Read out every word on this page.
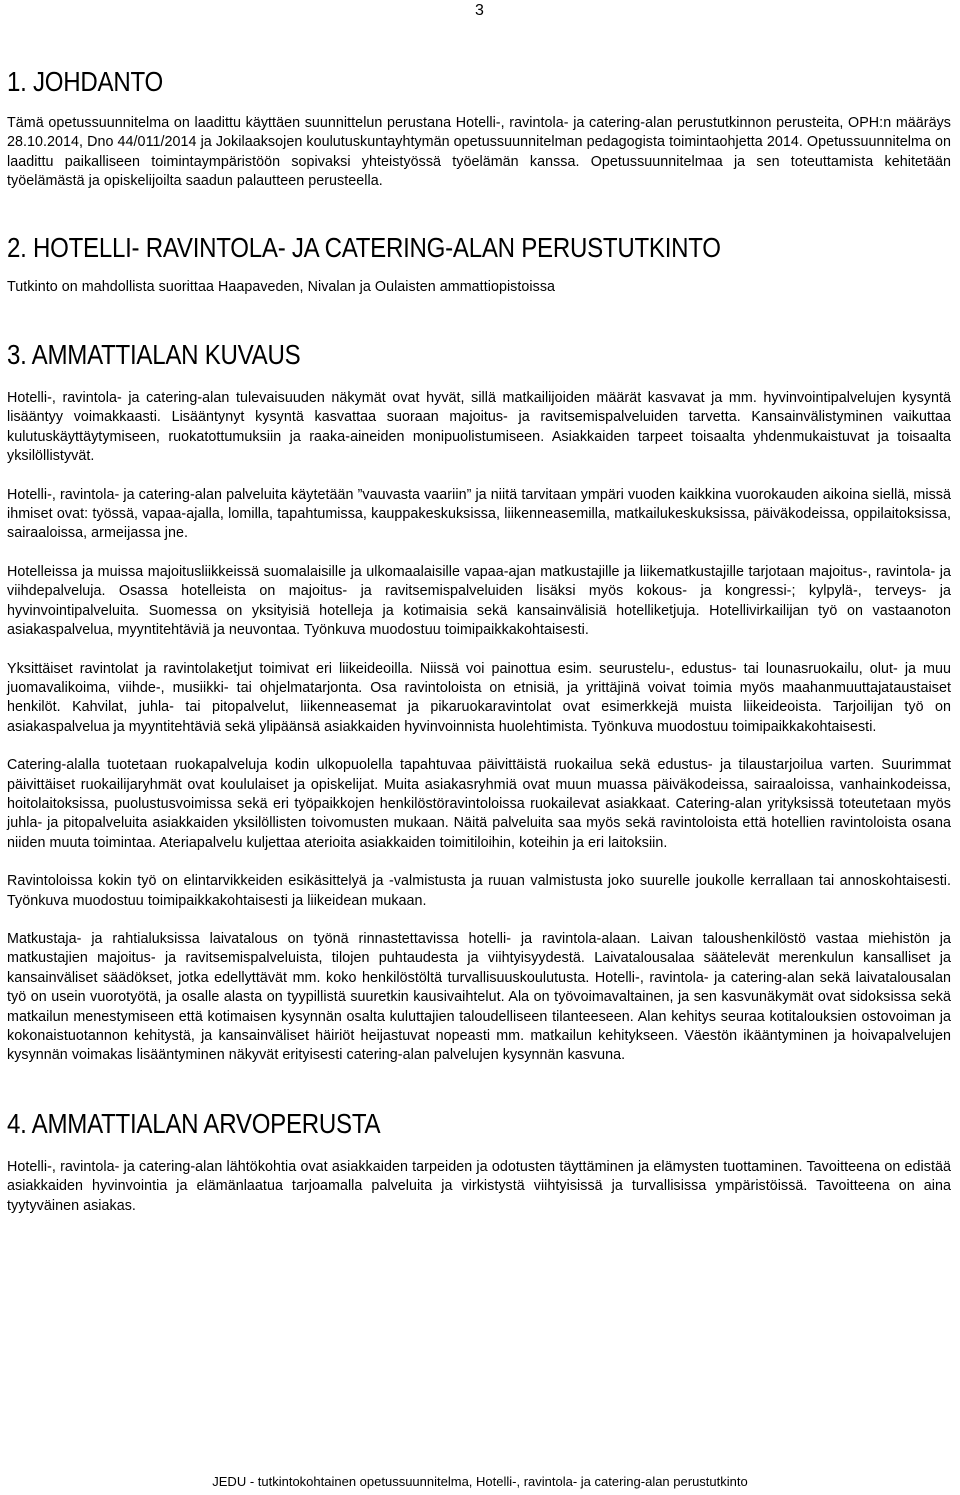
3
1. JOHDANTO

Tämä opetussuunnitelma on laadittu käyttäen suunnittelun perustana Hotelli-, ravintola- ja catering-alan perustutkinnon perusteita, OPH:n määräys 28.10.2014, Dno 44/011/2014 ja Jokilaaksojen koulutuskuntayhtymän opetussuunnitelman pedagogista toimintaohjetta 2014. Opetussuunnitelma on laadittu paikalliseen toimintaympäristöön sopivaksi yhteistyössä työelämän kanssa. Opetussuunnitelmaa ja sen toteuttamista kehitetään työelämästä ja opiskelijoilta saadun palautteen perusteella.

2. HOTELLI- RAVINTOLA- JA CATERING-ALAN PERUSTUTKINTO

Tutkinto on mahdollista suorittaa Haapaveden, Nivalan ja Oulaisten ammattiopistoissa

3. AMMATTIALAN KUVAUS

Hotelli-, ravintola- ja catering-alan tulevaisuuden näkymät ovat hyvät, sillä matkailijoiden määrät kasvavat ja mm. hyvinvointipalvelujen kysyntä lisääntyy voimakkaasti. Lisääntynyt kysyntä kasvattaa suoraan majoitus- ja ravitsemispalveluiden tarvetta. Kansainvälistyminen vaikuttaa kulutuskäyttäytymiseen, ruokatottumuksiin ja raaka-aineiden monipuolistumiseen. Asiakkaiden tarpeet toisaalta yhdenmukaistuvat ja toisaalta yksilöllistyvät.

Hotelli-, ravintola- ja catering-alan palveluita käytetään ”vauvasta vaariin” ja niitä tarvitaan ympäri vuoden kaikkina vuorokauden aikoina siellä, missä ihmiset ovat: työssä, vapaa-ajalla, lomilla, tapahtumissa, kauppakeskuksissa, liikenneasemilla, matkailukeskuksissa, päiväkodeissa, oppilaitoksissa, sairaaloissa, armeijassa jne.

Hotelleissa ja muissa majoitusliikkeissä suomalaisille ja ulkomaalaisille vapaa-ajan matkustajille ja liikematkustajille tarjotaan majoitus-, ravintola- ja viihdepalveluja. Osassa hotelleista on majoitus- ja ravitsemispalveluiden lisäksi myös kokous- ja kongressi-; kylpylä-, terveys- ja hyvinvointipalveluita. Suomessa on yksityisiä hotelleja ja kotimaisia sekä kansainvälisiä hotelliketjuja. Hotellivirkailijan työ on vastaanoton asiakaspalvelua, myyntitehtäviä ja neuvontaa. Työnkuva muodostuu toimipaikkakohtaisesti.

Yksittäiset ravintolat ja ravintolaketjut toimivat eri liikeideoilla. Niissä voi painottua esim. seurustelu-, edustus- tai lounasruokailu, olut- ja muu juomavalikoima, viihde-, musiikki- tai ohjelmatarjonta. Osa ravintoloista on etnisiä, ja yrittäjinä voivat toimia myös maahanmuuttajataustaiset henkilöt. Kahvilat, juhla- tai pitopalvelut, liikenneasemat ja pikaruokaravintolat ovat esimerkkejä muista liikeideoista. Tarjoilijan työ on asiakaspalvelua ja myyntitehtäviä sekä ylipäänsä asiakkaiden hyvinvoinnista huolehtimista. Työnkuva muodostuu toimipaikkakohtaisesti.

Catering-alalla tuotetaan ruokapalveluja kodin ulkopuolella tapahtuvaa päivittäistä ruokailua sekä edustus- ja tilaustarjoilua varten. Suurimmat päivittäiset ruokailijaryhmät ovat koululaiset ja opiskelijat. Muita asiakasryhmiä ovat muun muassa päiväkodeissa, sairaaloissa, vanhainkodeissa, hoitolaitoksissa, puolustusvoimissa sekä eri työpaikkojen henkilöstöravintoloissa ruokailevat asiakkaat. Catering-alan yrityksissä toteutetaan myös juhla- ja pitopalveluita asiakkaiden yksilöllisten toivomusten mukaan. Näitä palveluita saa myös sekä ravintoloista että hotellien ravintoloista osana niiden muuta toimintaa. Ateriapalvelu kuljettaa aterioita asiakkaiden toimitiloihin, koteihin ja eri laitoksiin.

Ravintoloissa kokin työ on elintarvikkeiden esikäsittelyä ja -valmistusta ja ruuan valmistusta joko suurelle joukolle kerrallaan tai annoskohtaisesti. Työnkuva muodostuu toimipaikkakohtaisesti ja liikeidean mukaan.

Matkustaja- ja rahtialuksissa laivatalous on työnä rinnastettavissa hotelli- ja ravintola-alaan. Laivan taloushenkilöstö vastaa miehistön ja matkustajien majoitus- ja ravitsemispalveluista, tilojen puhtaudesta ja viihtyisyydestä. Laivatalousalaa säätelevät merenkulun kansalliset ja kansainväliset säädökset, jotka edellyttävät mm. koko henkilöstöltä turvallisuuskoulutusta. Hotelli-, ravintola- ja catering-alan sekä laivatalousalan työ on usein vuorotyötä, ja osalle alasta on tyypillistä suuretkin kausivaihtelut. Ala on työvoimavaltainen, ja sen kasvunäkymät ovat sidoksissa sekä matkailun menestymiseen että kotimaisen kysynnän osalta kuluttajien taloudelliseen tilanteeseen. Alan kehitys seuraa kotitalouksien ostovoiman ja kokonaistuotannon kehitystä, ja kansainväliset häiriöt heijastuvat nopeasti mm. matkailun kehitykseen. Väestön ikääntyminen ja hoivapalvelujen kysynnän voimakas lisääntyminen näkyvät erityisesti catering-alan palvelujen kysynnän kasvuna.

4. AMMATTIALAN ARVOPERUSTA

Hotelli-, ravintola- ja catering-alan lähtökohtia ovat asiakkaiden tarpeiden ja odotusten täyttäminen ja elämysten tuottaminen. Tavoitteena on edistää asiakkaiden hyvinvointia ja elämänlaatua tarjoamalla palveluita ja virkistystä viihtyisissä ja turvallisissa ympäristöissä. Tavoitteena on aina tyytyväinen asiakas.

JEDU - tutkintokohtainen opetussuunnitelma, Hotelli-, ravintola- ja catering-alan perustutkinto
